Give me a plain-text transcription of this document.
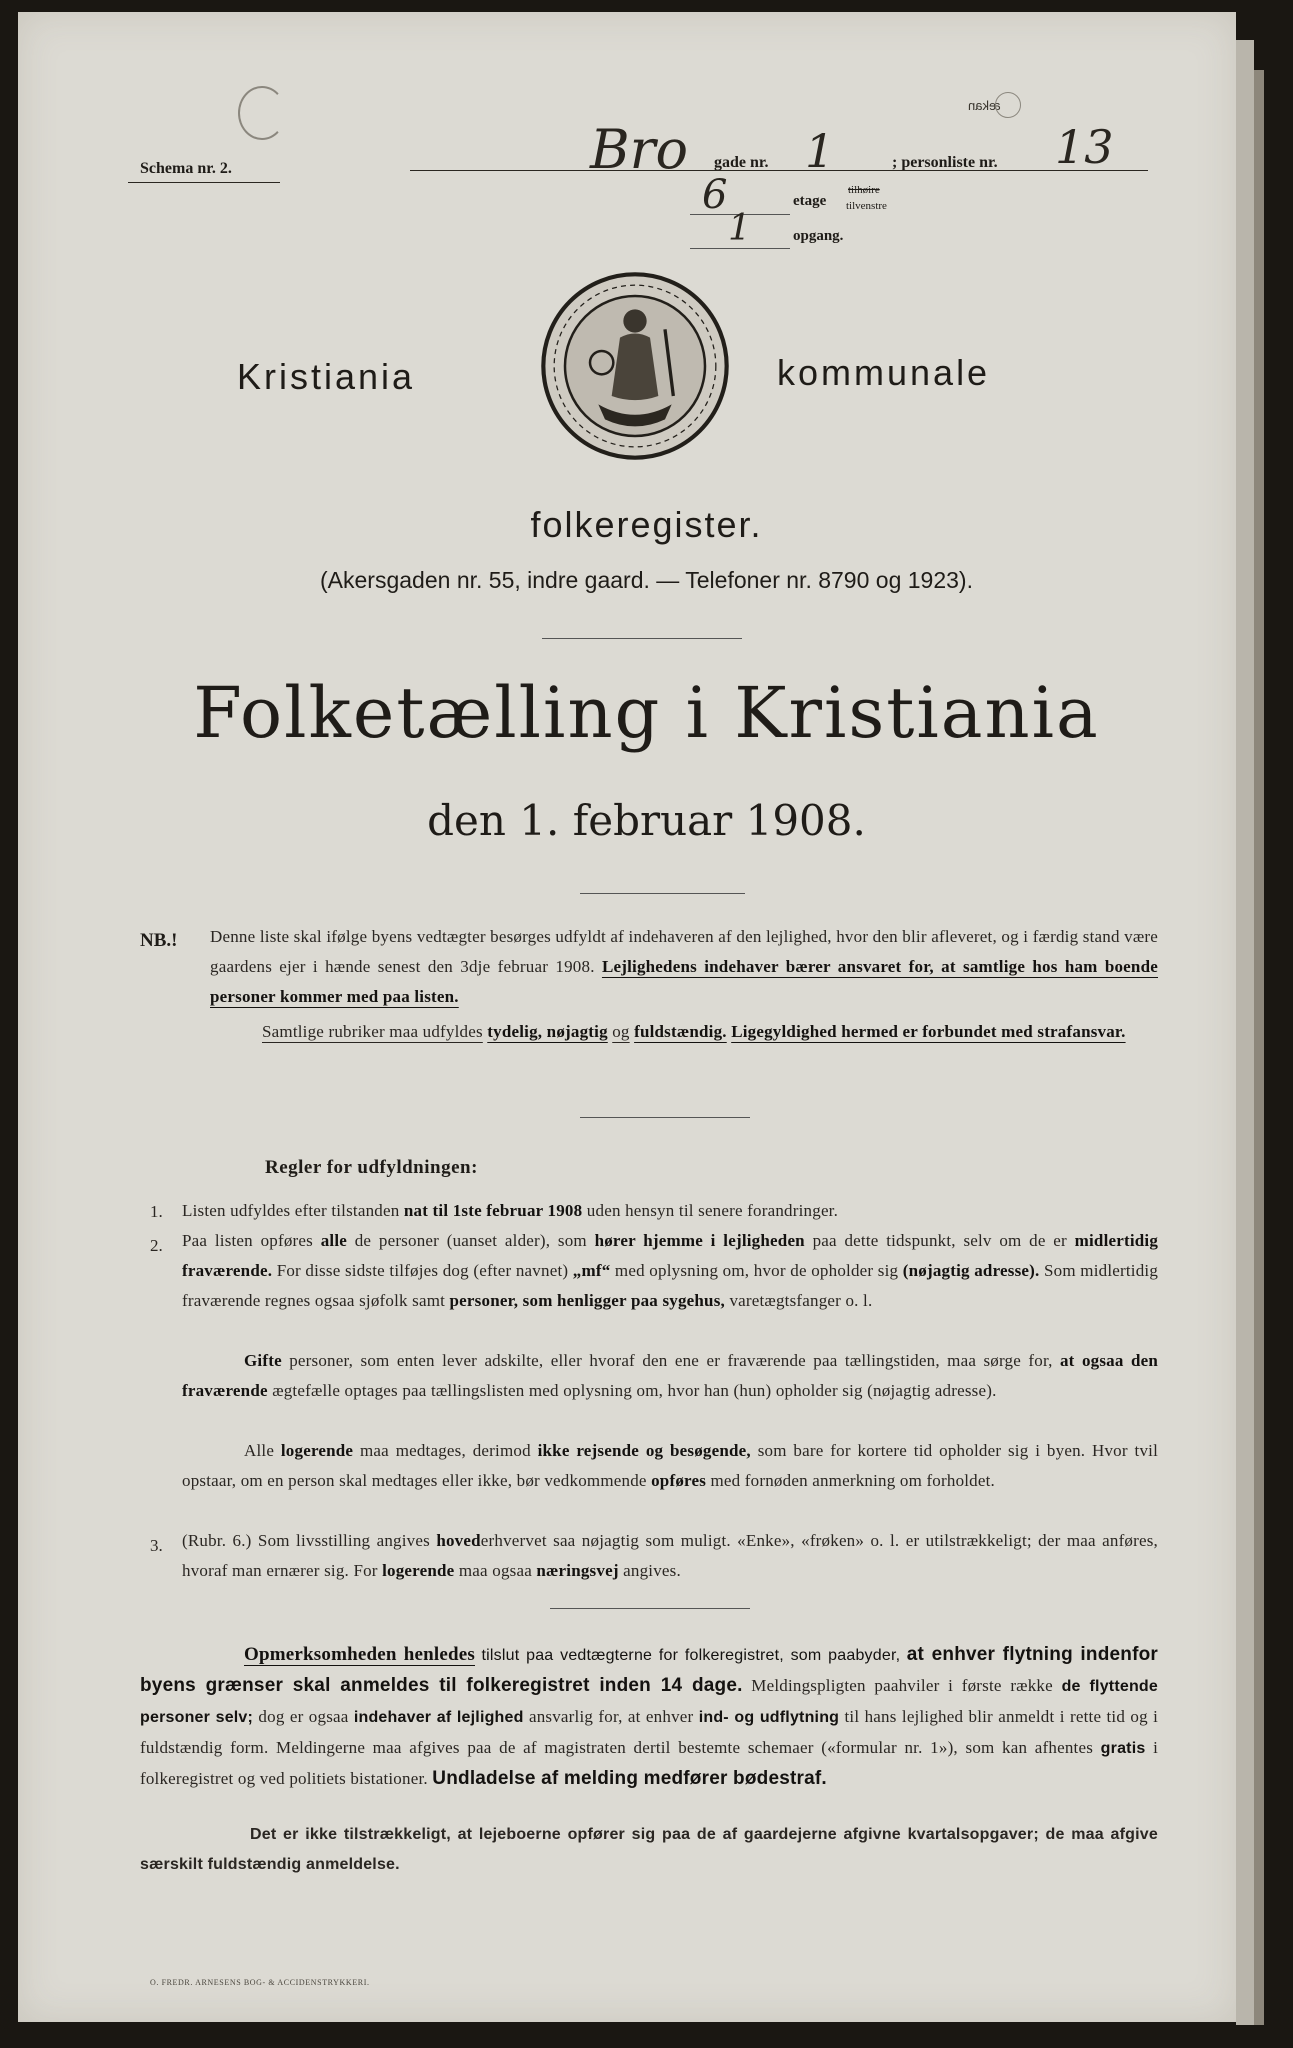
ækan
Schema nr. 2.	Bro gade nr. 1	; personliste nr. 13
6	etage
tilhøire
tilvenstre
1	opgang.
Kristiania	kommunale
folkeregister.
(Akersgaden nr. 55, indre gaard. — Telefoner nr. 8790 og 1923).
Folketælling i Kristiania
den 1. februar 1908.
NB.! Denne liste skal ifølge byens vedtægter besørges udfyldt af indehaveren af den lejlighed, hvor den blir afleveret, og i færdig stand være gaardens ejer i hænde senest den 3dje februar 1908. Lejlighedens indehaver bærer ansvaret for, at samtlige hos ham boende personer kommer med paa listen.
Samtlige rubriker maa udfyldes tydelig, nøjagtig og fuldstændig. Ligegyldighed hermed er forbundet med strafansvar.
Regler for udfyldningen:
1. Listen udfyldes efter tilstanden nat til 1ste februar 1908 uden hensyn til senere forandringer.
2. Paa listen opføres alle de personer (uanset alder), som hører hjemme i lejligheden paa dette tidspunkt, selv om de er midlertidig fraværende. For disse sidste tilføjes dog (efter navnet) „mf“ med oplysning om, hvor de opholder sig (nøjagtig adresse). Som midlertidig fraværende regnes ogsaa sjøfolk samt personer, som henligger paa sygehus, varetægtsfanger o. l.
Gifte personer, som enten lever adskilte, eller hvoraf den ene er fraværende paa tællingstiden, maa sørge for, at ogsaa den fraværende ægtefælle optages paa tællingslisten med oplysning om, hvor han (hun) opholder sig (nøjagtig adresse).
Alle logerende maa medtages, derimod ikke rejsende og besøgende, som bare for kortere tid opholder sig i byen. Hvor tvil opstaar, om en person skal medtages eller ikke, bør vedkommende opføres med fornøden anmerkning om forholdet.
3. (Rubr. 6.) Som livsstilling angives hovederhvervet saa nøjagtig som muligt. «Enke», «frøken» o. l. er utilstrækkeligt; der maa anføres, hvoraf man ernærer sig. For logerende maa ogsaa næringsvej angives.
Opmerksomheden henledes tilslut paa vedtægterne for folkeregistret, som paabyder, at enhver flytning indenfor byens grænser skal anmeldes til folkeregistret inden 14 dage. Meldingspligten paahviler i første række de flyttende personer selv; dog er ogsaa indehaver af lejlighed ansvarlig for, at enhver ind- og udflytning til hans lejlighed blir anmeldt i rette tid og i fuldstændig form. Meldingerne maa afgives paa de af magistraten dertil bestemte schemaer («formular nr. 1»), som kan afhentes gratis i folkeregistret og ved politiets bistationer. Undladelse af melding medfører bødestraf.
Det er ikke tilstrækkeligt, at lejeboerne opfører sig paa de af gaardejerne afgivne kvartalsopgaver; de maa afgive særskilt fuldstændig anmeldelse.
O. FREDR. ARNESENS BOG- & ACCIDENSTRYKKERI.
